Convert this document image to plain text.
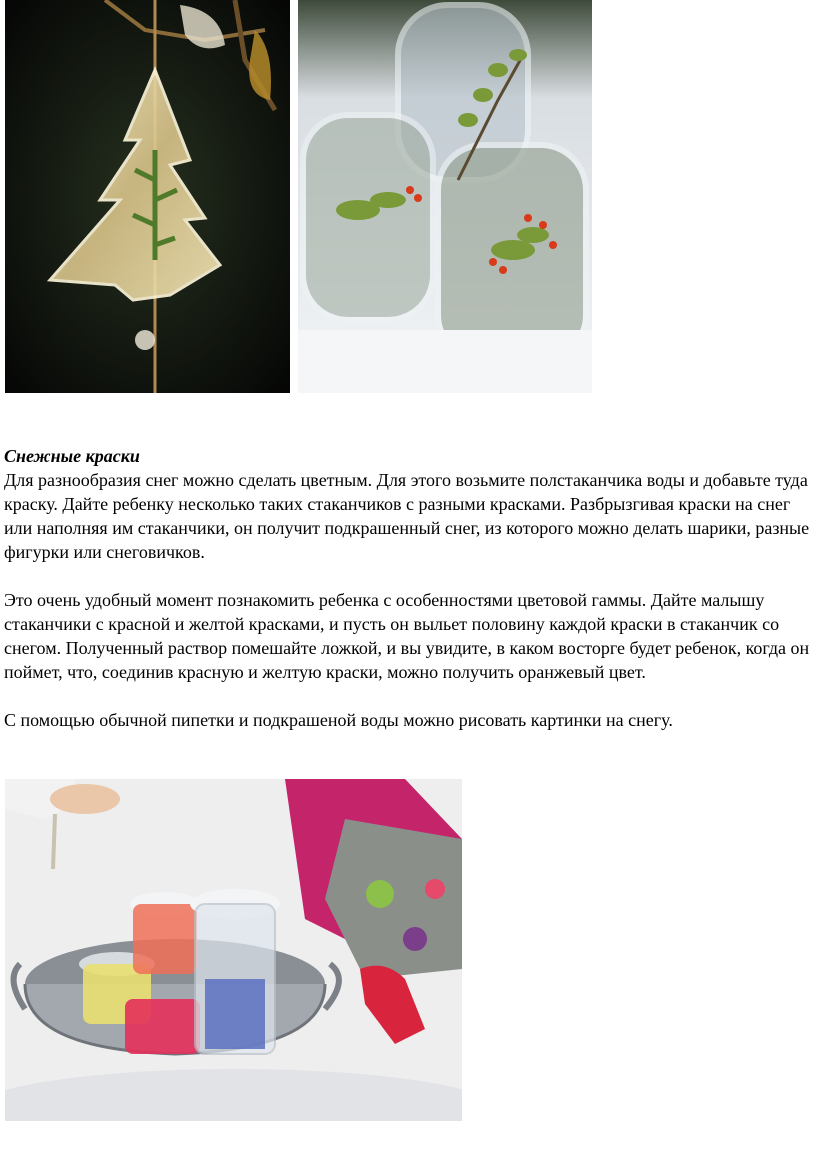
Снежные краски

Для разнообразия снег можно сделать цветным. Для этого возьмите полстаканчика воды и добавьте туда краску. Дайте ребенку несколько таких стаканчиков с разными красками. Разбрызгивая краски на снег или наполняя им стаканчики, он получит подкрашенный снег, из которого можно делать шарики, разные фигурки или снеговичков.

Это очень удобный момент познакомить ребенка с особенностями цветовой гаммы. Дайте малышу стаканчики с красной и желтой красками, и пусть он выльет половину каждой краски в стаканчик со снегом. Полученный раствор помешайте ложкой, и вы увидите, в каком восторге будет ребенок, когда он поймет, что, соединив красную и желтую краски, можно получить оранжевый цвет.

С помощью обычной пипетки и подкрашеной воды можно рисовать картинки на снегу.
